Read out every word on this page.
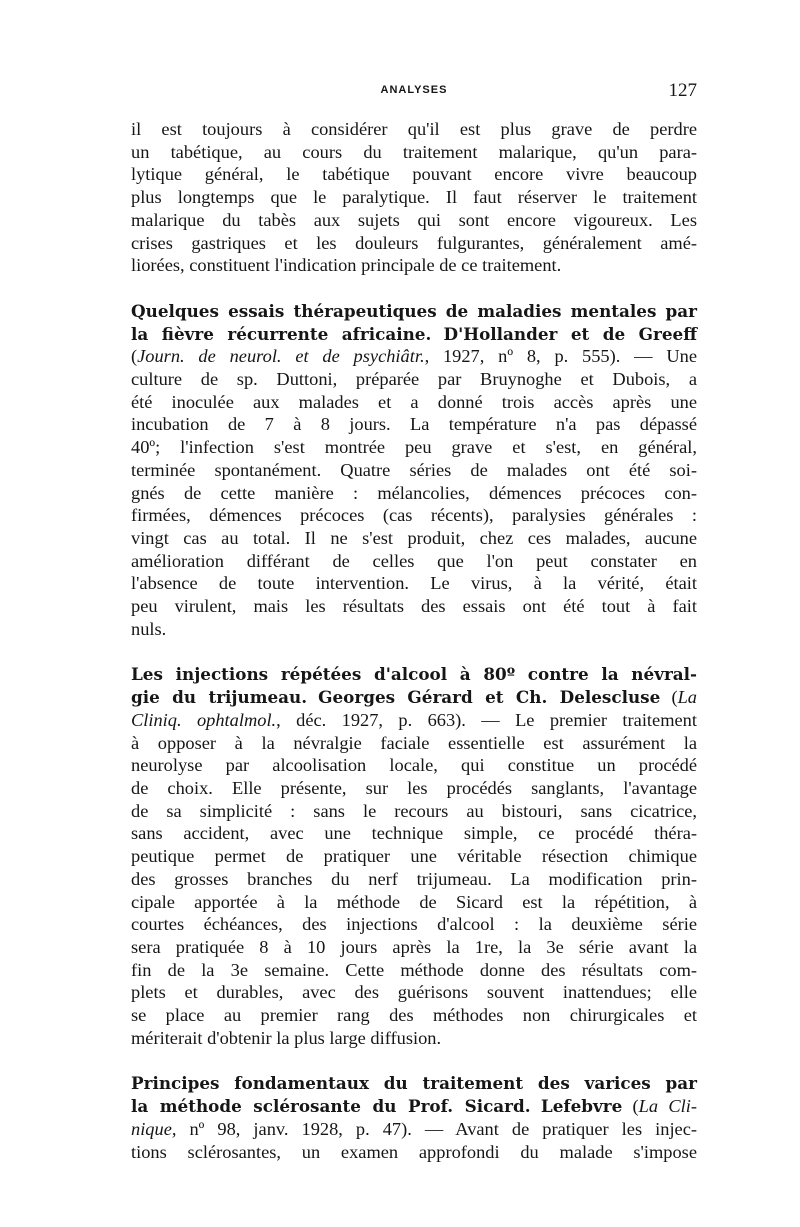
ANALYSES	127

il est toujours à considérer qu'il est plus grave de perdre

un tabétique, au cours du traitement malarique, qu'un para-

lytique général, le tabétique pouvant encore vivre beaucoup

plus longtemps que le paralytique. Il faut réserver le traitement

malarique du tabès aux sujets qui sont encore vigoureux. Les

crises gastriques et les douleurs fulgurantes, généralement amé-

liorées, constituent l'indication principale de ce traitement.

Quelques essais thérapeutiques de maladies mentales par

la fièvre récurrente africaine. D'Hollander et de Greeff

(Journ. de neurol. et de psychiâtr., 1927, nº 8, p. 555). — Une

culture de sp. Duttoni, préparée par Bruynoghe et Dubois, a

été inoculée aux malades et a donné trois accès après une

incubation de 7 à 8 jours. La température n'a pas dépassé

40º; l'infection s'est montrée peu grave et s'est, en général,

terminée spontanément. Quatre séries de malades ont été soi-

gnés de cette manière : mélancolies, démences précoces con-

firmées, démences précoces (cas récents), paralysies générales :

vingt cas au total. Il ne s'est produit, chez ces malades, aucune

amélioration différant de celles que l'on peut constater en

l'absence de toute intervention. Le virus, à la vérité, était

peu virulent, mais les résultats des essais ont été tout à fait

nuls.

Les injections répétées d'alcool à 80º contre la névral-

gie du trijumeau. Georges Gérard et Ch. Delescluse (La

Cliniq. ophtalmol., déc. 1927, p. 663). — Le premier traitement

à opposer à la névralgie faciale essentielle est assurément la

neurolyse par alcoolisation locale, qui constitue un procédé

de choix. Elle présente, sur les procédés sanglants, l'avantage

de sa simplicité : sans le recours au bistouri, sans cicatrice,

sans accident, avec une technique simple, ce procédé théra-

peutique permet de pratiquer une véritable résection chimique

des grosses branches du nerf trijumeau. La modification prin-

cipale apportée à la méthode de Sicard est la répétition, à

courtes échéances, des injections d'alcool : la deuxième série

sera pratiquée 8 à 10 jours après la 1re, la 3e série avant la

fin de la 3e semaine. Cette méthode donne des résultats com-

plets et durables, avec des guérisons souvent inattendues; elle

se place au premier rang des méthodes non chirurgicales et

mériterait d'obtenir la plus large diffusion.

Principes fondamentaux du traitement des varices par

la méthode sclérosante du Prof. Sicard. Lefebvre (La Cli-

nique, nº 98, janv. 1928, p. 47). — Avant de pratiquer les injec-

tions sclérosantes, un examen approfondi du malade s'impose
